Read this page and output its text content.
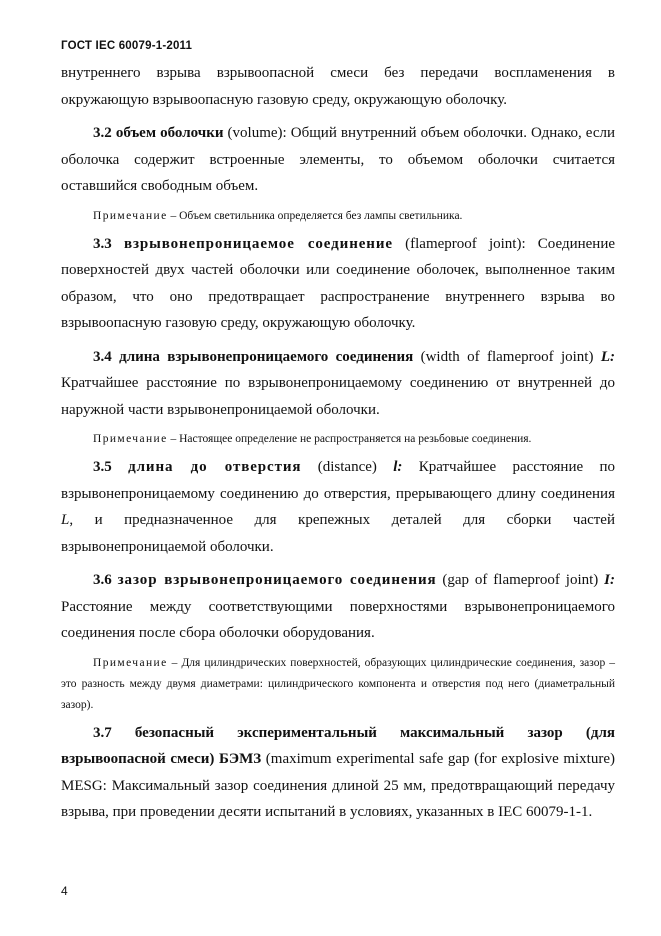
ГОСТ IEC 60079-1-2011

внутреннего взрыва взрывоопасной смеси без передачи воспламенения в окружающую взрывоопасную газовую среду, окружающую оболочку.

3.2 объем оболочки (volume): Общий внутренний объем оболочки. Однако, если оболочка содержит встроенные элементы, то объемом оболочки считается оставшийся свободным объем.

Примечание – Объем светильника определяется без лампы светильника.

3.3 взрывонепроницаемое соединение (flameproof joint): Соединение поверхностей двух частей оболочки или соединение оболочек, выполненное таким образом, что оно предотвращает распространение внутреннего взрыва во взрывоопасную газовую среду, окружающую оболочку.

3.4 длина взрывонепроницаемого соединения (width of flameproof joint) L: Кратчайшее расстояние по взрывонепроницаемому соединению от внутренней до наружной части взрывонепроницаемой оболочки.

Примечание – Настоящее определение не распространяется на резьбовые соединения.

3.5 длина до отверстия (distance) l: Кратчайшее расстояние по взрывонепроницаемому соединению до отверстия, прерывающего длину соединения L, и предназначенное для крепежных деталей для сборки частей взрывонепроницаемой оболочки.

3.6 зазор взрывонепроницаемого соединения (gap of flameproof joint) I: Расстояние между соответствующими поверхностями взрывонепроницаемого соединения после сбора оболочки оборудования.

Примечание – Для цилиндрических поверхностей, образующих цилиндрические соединения, зазор – это разность между двумя диаметрами: цилиндрического компонента и отверстия под него (диаметральный зазор).

3.7 безопасный экспериментальный максимальный зазор (для

взрывоопасной смеси) БЭМЗ (maximum experimental safe gap (for explosive mixture) MESG: Максимальный зазор соединения длиной 25 мм, предотвращающий передачу взрыва, при проведении десяти испытаний в условиях, указанных в IEC 60079-1-1.

4
